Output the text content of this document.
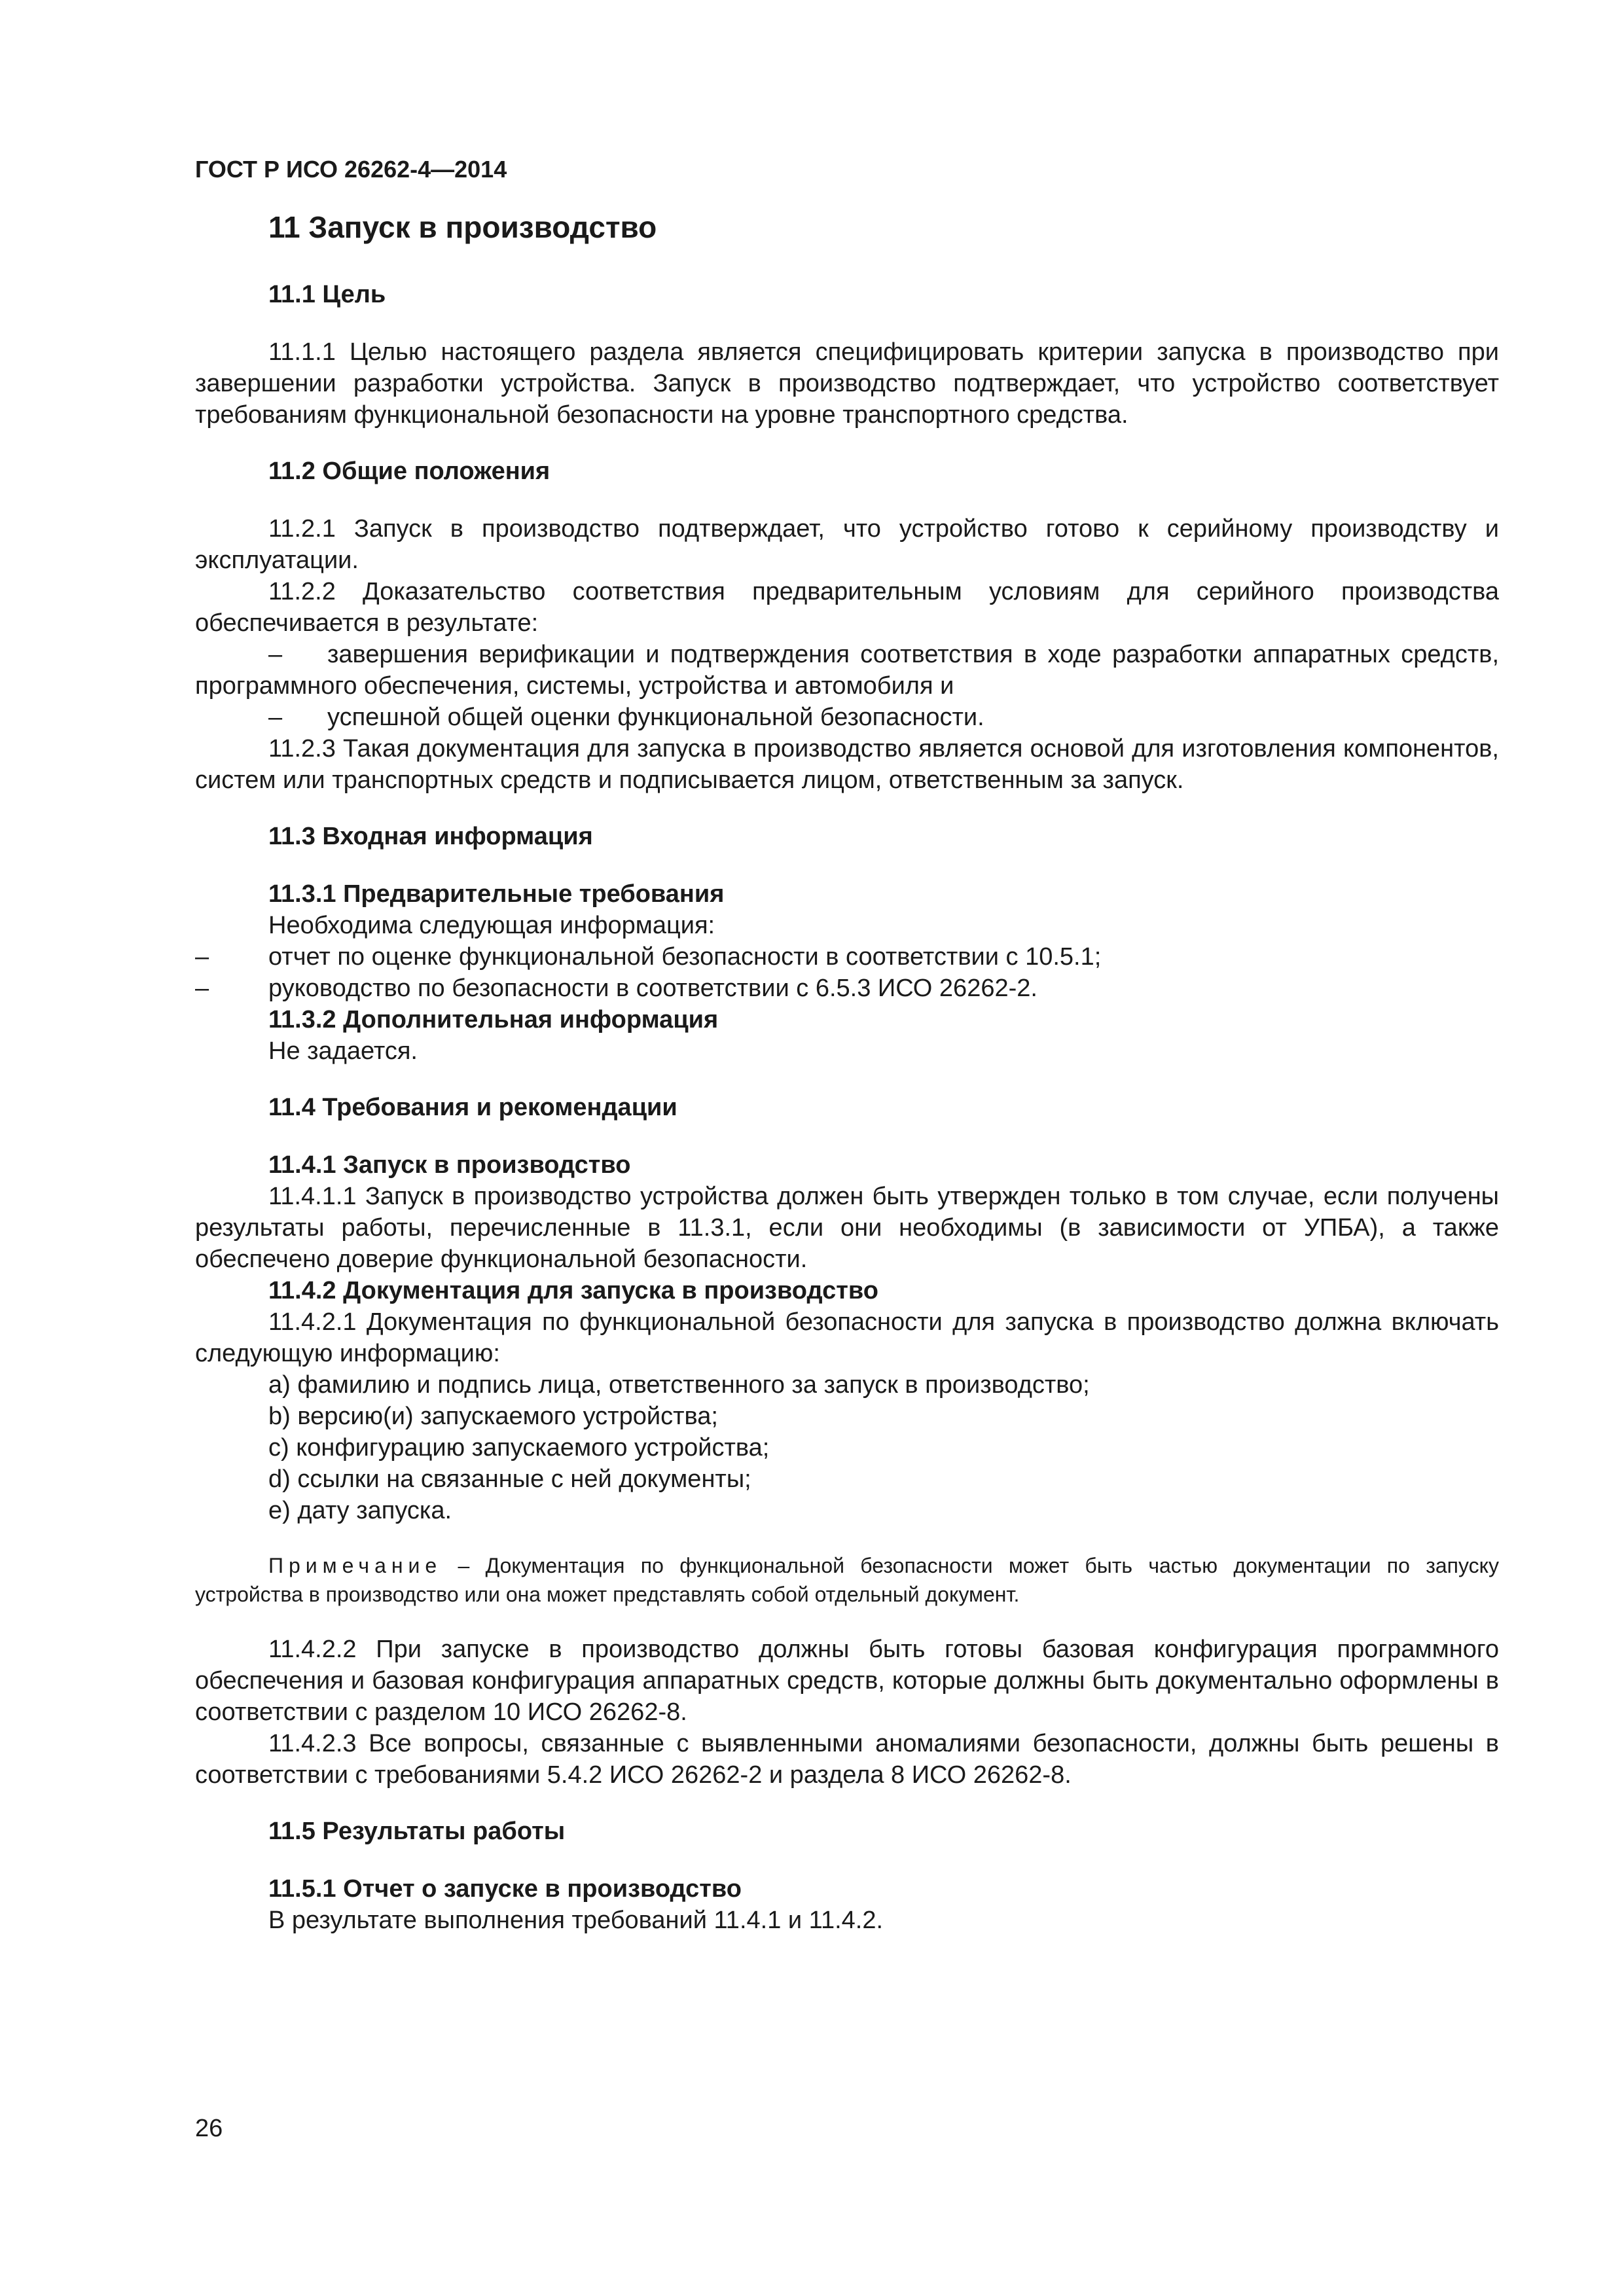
ГОСТ Р ИСО 26262-4—2014
11 Запуск в производство
11.1 Цель

11.1.1 Целью настоящего раздела является специфицировать критерии запуска в производство при завершении разработки устройства. Запуск в производство подтверждает, что устройство соответствует требованиям функциональной безопасности на уровне транспортного средства.

11.2 Общие положения

11.2.1 Запуск в производство подтверждает, что устройство готово к серийному производству и эксплуатации.

11.2.2 Доказательство соответствия предварительным условиям для серийного производства обеспечивается в результате:

– завершения верификации и подтверждения соответствия в ходе разработки аппаратных средств, программного обеспечения, системы, устройства и автомобиля и

– успешной общей оценки функциональной безопасности.

11.2.3 Такая документация для запуска в производство является основой для изготовления компонентов, систем или транспортных средств и подписывается лицом, ответственным за запуск.

11.3 Входная информация
11.3.1 Предварительные требования

Необходима следующая информация:

–	отчет по оценке функциональной безопасности в соответствии с 10.5.1;
–	руководство по безопасности в соответствии с 6.5.3 ИСО 26262-2.
11.3.2 Дополнительная информация

Не задается.

11.4 Требования и рекомендации
11.4.1 Запуск в производство

11.4.1.1 Запуск в производство устройства должен быть утвержден только в том случае, если получены результаты работы, перечисленные в 11.3.1, если они необходимы (в зависимости от УПБА), а также обеспечено доверие функциональной безопасности.

11.4.2 Документация для запуска в производство

11.4.2.1 Документация по функциональной безопасности для запуска в производство должна включать следующую информацию:

a) фамилию и подпись лица, ответственного за запуск в производство;
b) версию(и) запускаемого устройства;
c) конфигурацию запускаемого устройства;
d) ссылки на связанные с ней документы;
e) дату запуска.
Примечание – Документация по функциональной безопасности может быть частью документации по запуску устройства в производство или она может представлять собой отдельный документ.

11.4.2.2 При запуске в производство должны быть готовы базовая конфигурация программного обеспечения и базовая конфигурация аппаратных средств, которые должны быть документально оформлены в соответствии с разделом 10 ИСО 26262-8.

11.4.2.3 Все вопросы, связанные с выявленными аномалиями безопасности, должны быть решены в соответствии с требованиями 5.4.2 ИСО 26262-2 и раздела 8 ИСО 26262-8.

11.5 Результаты работы
11.5.1 Отчет о запуске в производство

В результате выполнения требований 11.4.1 и 11.4.2.

26
